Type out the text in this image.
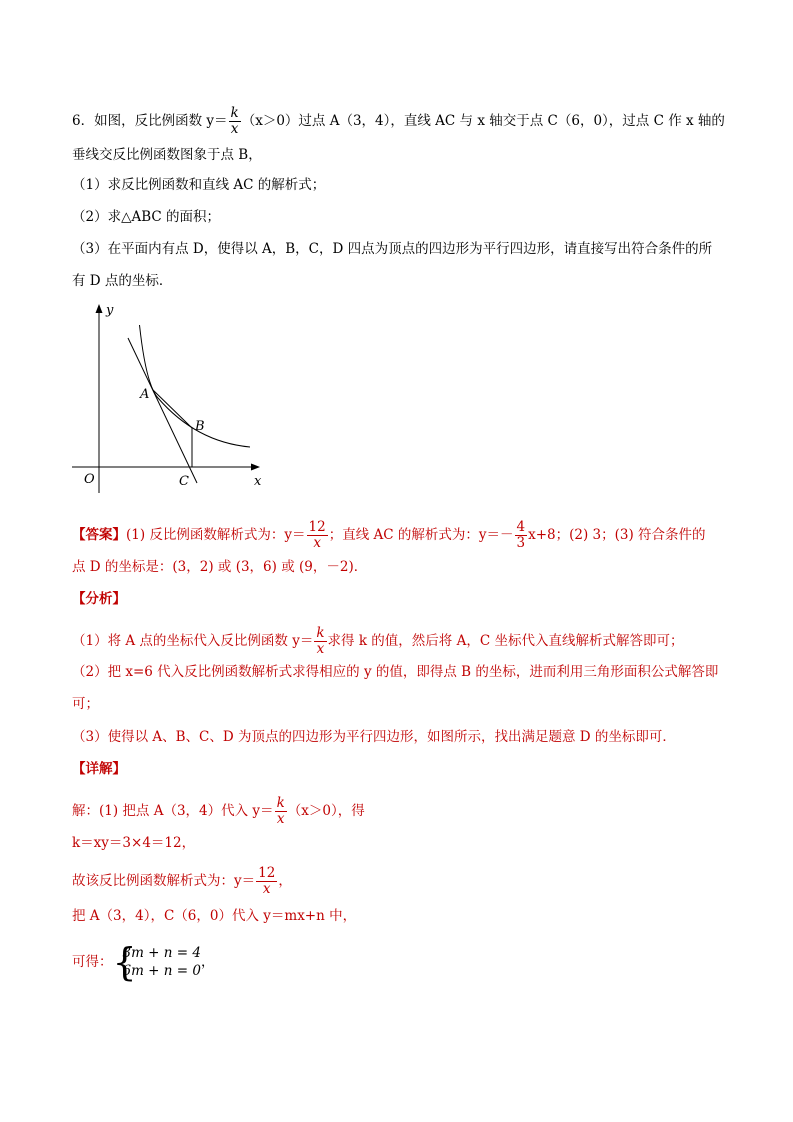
6．如图，反比例函数 $y= \frac{k}{x} (x>0)$过点 A（3，4），直线 AC 与 x 轴交于点 C（6，0），过点 C 作 x 轴的
垂线交反比例函数图象于点 B，
（1）求反比例函数和直线 AC 的解析式；
（2）求△ABC 的面积；
（3）在平面内有点 D，使得以 A，B，C，D 四点为顶点的四边形为平行四边形，请直接写出符合条件的所
有 D 点的坐标．
y
x
O
A
B
C
【答案】(1) 反比例函数解析式为：$y= \frac{12}{x}$ ；直线 AC 的解析式为：$y=- \frac{4}{3} x+8$；(2) 3；(3) 符合条件的
点 D 的坐标是：(3，2) 或 (3，6) 或 (9，－2)．
【分析】
（1）将 A 点的坐标代入反比例函数 $y= \frac{k}{x}$ 求得 k 的值，然后将 A，C 坐标代入直线解析式解答即可；
（2）把 x=6 代入反比例函数解析式求得相应的 y 的值，即得点 B 的坐标，进而利用三角形面积公式解答即
可；
（3）使得以 A、B、C、D 为顶点的四边形为平行四边形，如图所示，找出满足题意 D 的坐标即可．
【详解】
解：(1) 把点 A（3，4）代入 $y= \frac{k}{x} (x>0)$，得
k＝xy＝3×4＝12，
故该反比例函数解析式为：$y= \frac{12}{x}$ ，
把 A（3，4），C（6，0）代入 y＝mx+n 中，
可得： {
3m + n = 4
6m + n = 0
，
